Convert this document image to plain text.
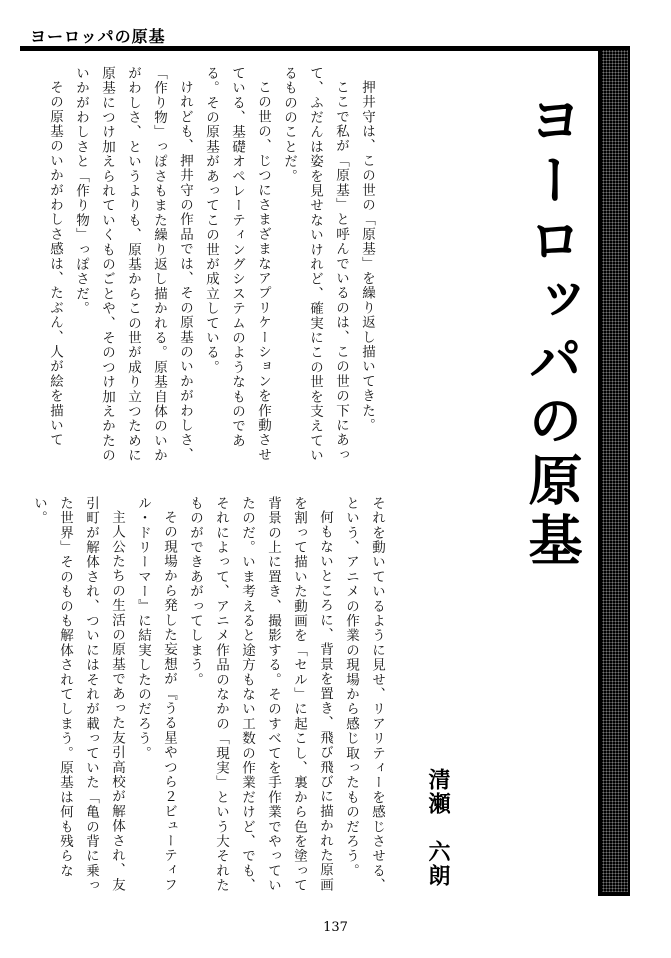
ヨーロッパの原基
ヨーロッパの原基

押井守は、この世の「原基」を繰り返し描いてきた。

ここで私が「原基」と呼んでいるのは、この世の下にあって、ふだんは姿を見せないけれど、確実にこの世を支えているもののことだ。

この世の、じつにさまざまなアプリケーションを作動させている、基礎オペレーティングシステムのようなものである。その原基があってこの世が成立している。

けれども、押井守の作品では、その原基のいかがわしさ、「作り物」っぽさもまた繰り返し描かれる。原基自体のいかがわしさ、というよりも、原基からこの世が成り立つために原基につけ加えられていくものごとや、そのつけ加えかたのいかがわしさと「作り物」っぽさだ。

その原基のいかがわしさ感は、たぶん、人が絵を描いて

それを動いているように見せ、リアリティーを感じさせる、という、アニメの作業の現場から感じ取ったものだろう。

何もないところに、背景を置き、飛び飛びに描かれた原画を割って描いた動画を「セル」に起こし、裏から色を塗って背景の上に置き、撮影する。そのすべてを手作業でやっていたのだ。いま考えると途方もない工数の作業だけど、でも、それによって、アニメ作品のなかの「現実」という大それたものができあがってしまう。

その現場から発した妄想が『うる星やつら２ビューティフル・ドリーマー』に結実したのだろう。

主人公たちの生活の原基であった友引高校が解体され、友引町が解体され、ついにはそれが載っていた「亀の背に乗った世界」そのものも解体されてしまう。原基は何も残らない。

清瀬　六朗
137
